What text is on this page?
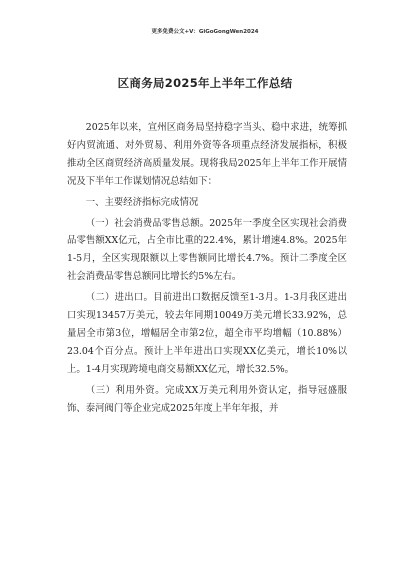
更多免费公文+V：GiGoGongWen2024
区商务局2025年上半年工作总结

2025年以来，宣州区商务局坚持稳字当头、稳中求进，统筹抓好内贸流通、对外贸易、利用外资等各项重点经济发展指标，积极推动全区商贸经济高质量发展。现将我局2025年上半年工作开展情况及下半年工作谋划情况总结如下：

一、主要经济指标完成情况

（一）社会消费品零售总额。2025年一季度全区实现社会消费品零售额XX亿元，占全市比重的22.4%，累计增速4.8%。2025年1-5月，全区实现限额以上零售额同比增长4.7%。预计二季度全区社会消费品零售总额同比增长约5%左右。

（二）进出口。目前进出口数据反馈至1-3月。1-3月我区进出口实现13457万美元，较去年同期10049万美元增长33.92%，总量居全市第3位，增幅居全市第2位，超全市平均增幅（10.88%）23.04个百分点。预计上半年进出口实现XX亿美元，增长10%以上。1-4月实现跨境电商交易额XX亿元，增长32.5%。

（三）利用外资。完成XX万美元利用外资认定，指导冠盛服饰、泰河阀门等企业完成2025年度上半年年报，并
